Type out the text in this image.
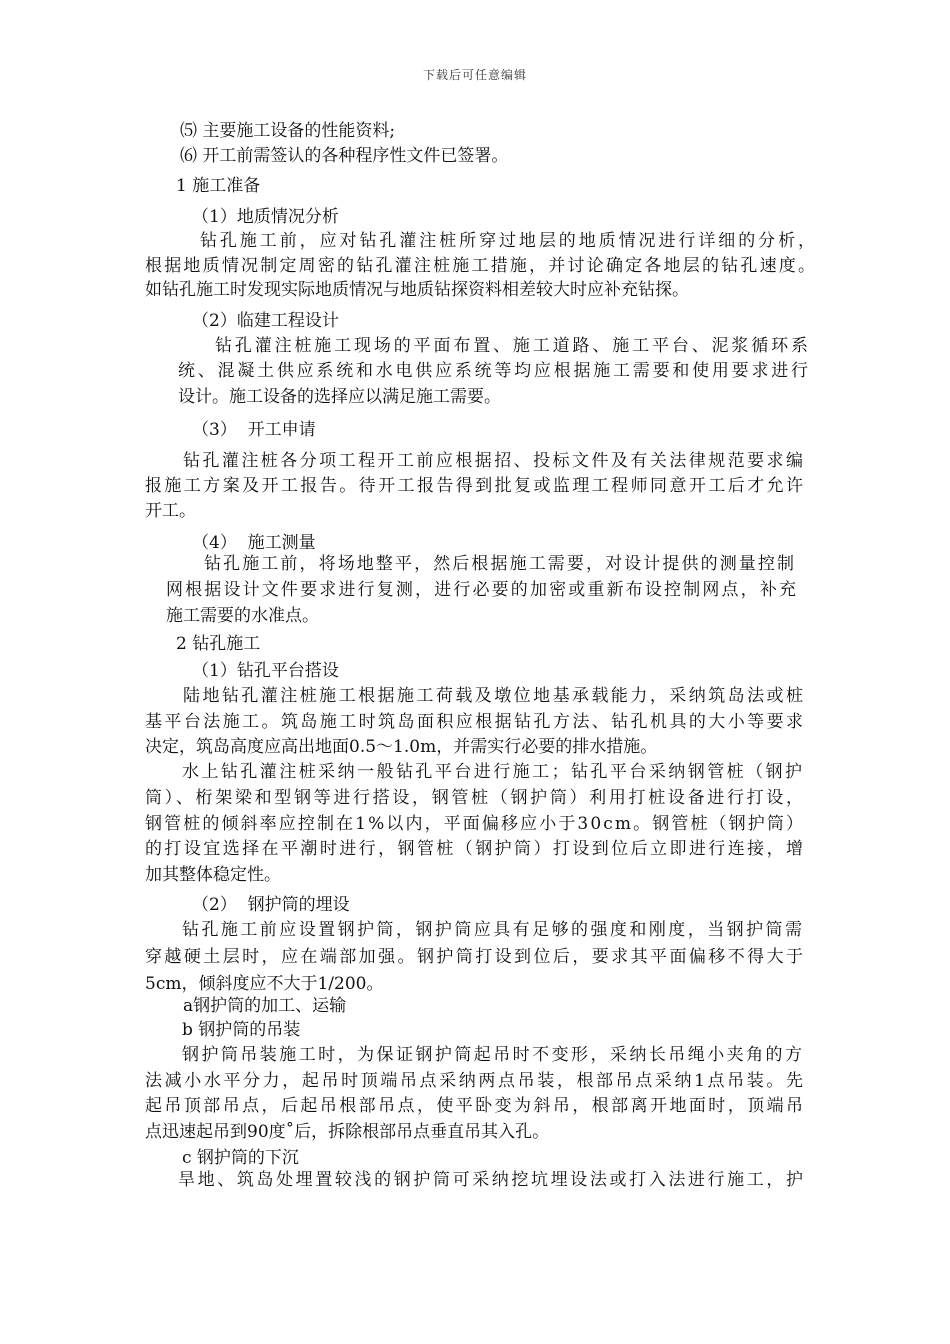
下载后可任意编辑
⑸ 主要施工设备的性能资料;
⑹ 开工前需签认的各种程序性文件已签署。
1 施工准备
（1）地质情况分析
钻孔施工前，应对钻孔灌注桩所穿过地层的地质情况进行详细的分析，
根据地质情况制定周密的钻孔灌注桩施工措施，并讨论确定各地层的钻孔速度。
如钻孔施工时发现实际地质情况与地质钻探资料相差较大时应补充钻探。
（2）临建工程设计
钻孔灌注桩施工现场的平面布置、施工道路、施工平台、泥浆循环系
统、混凝土供应系统和水电供应系统等均应根据施工需要和使用要求进行
设计。施工设备的选择应以满足施工需要。
（3）  开工申请
钻孔灌注桩各分项工程开工前应根据招、投标文件及有关法律规范要求编
报施工方案及开工报告。待开工报告得到批复或监理工程师同意开工后才允许
开工。
（4）  施工测量
钻孔施工前，将场地整平，然后根据施工需要，对设计提供的测量控制
网根据设计文件要求进行复测，进行必要的加密或重新布设控制网点，补充
施工需要的水准点。
2 钻孔施工
（1）钻孔平台搭设
陆地钻孔灌注桩施工根据施工荷载及墩位地基承载能力，采纳筑岛法或桩
基平台法施工。筑岛施工时筑岛面积应根据钻孔方法、钻孔机具的大小等要求
决定，筑岛高度应高出地面0.5～1.0m，并需实行必要的排水措施。
水上钻孔灌注桩采纳一般钻孔平台进行施工；钻孔平台采纳钢管桩（钢护
筒）、桁架梁和型钢等进行搭设，钢管桩（钢护筒）利用打桩设备进行打设，
钢管桩的倾斜率应控制在1%以内，平面偏移应小于30cm。钢管桩（钢护筒）
的打设宜选择在平潮时进行，钢管桩（钢护筒）打设到位后立即进行连接，增
加其整体稳定性。
（2）  钢护筒的埋设
钻孔施工前应设置钢护筒，钢护筒应具有足够的强度和刚度，当钢护筒需
穿越硬土层时，应在端部加强。钢护筒打设到位后，要求其平面偏移不得大于
5cm，倾斜度应不大于1/200。
a钢护筒的加工、运输
b 钢护筒的吊装
钢护筒吊装施工时，为保证钢护筒起吊时不变形，采纳长吊绳小夹角的方
法减小水平分力，起吊时顶端吊点采纳两点吊装，根部吊点采纳1点吊装。先
起吊顶部吊点，后起吊根部吊点，使平卧变为斜吊，根部离开地面时，顶端吊
点迅速起吊到90度˚后，拆除根部吊点垂直吊其入孔。
c 钢护筒的下沉
旱地、筑岛处埋置较浅的钢护筒可采纳挖坑埋设法或打入法进行施工，护
